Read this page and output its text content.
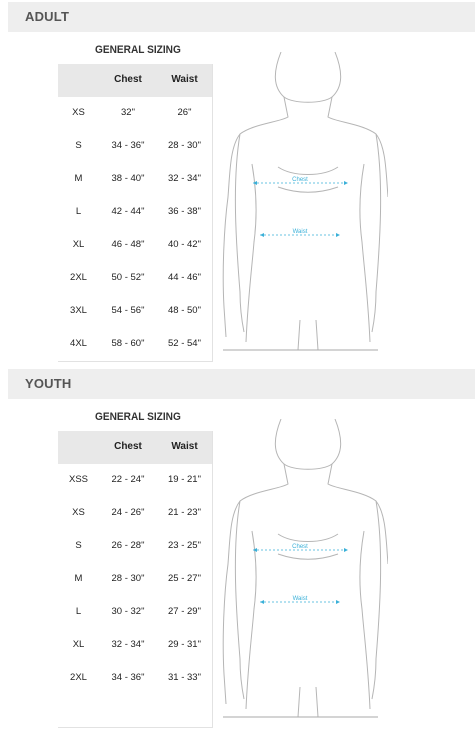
ADULT
GENERAL SIZING
Chest	Waist
XS	32"	26"
S	34 - 36"	28 - 30"
M	38 - 40"	32 - 34"
L	42 - 44"	36 - 38"
XL	46 - 48"	40 - 42"
2XL	50 - 52"	44 - 46"
3XL	54 - 56"	48 - 50"
4XL	58 - 60"	52 - 54"
Chest
Waist
YOUTH
GENERAL SIZING
Chest	Waist
XSS	22 - 24"	19 - 21"
XS	24 - 26"	21 - 23"
S	26 - 28"	23 - 25"
M	28 - 30"	25 - 27"
L	30 - 32"	27 - 29"
XL	32 - 34"	29 - 31"
2XL	34 - 36"	31 - 33"
Chest
Waist
